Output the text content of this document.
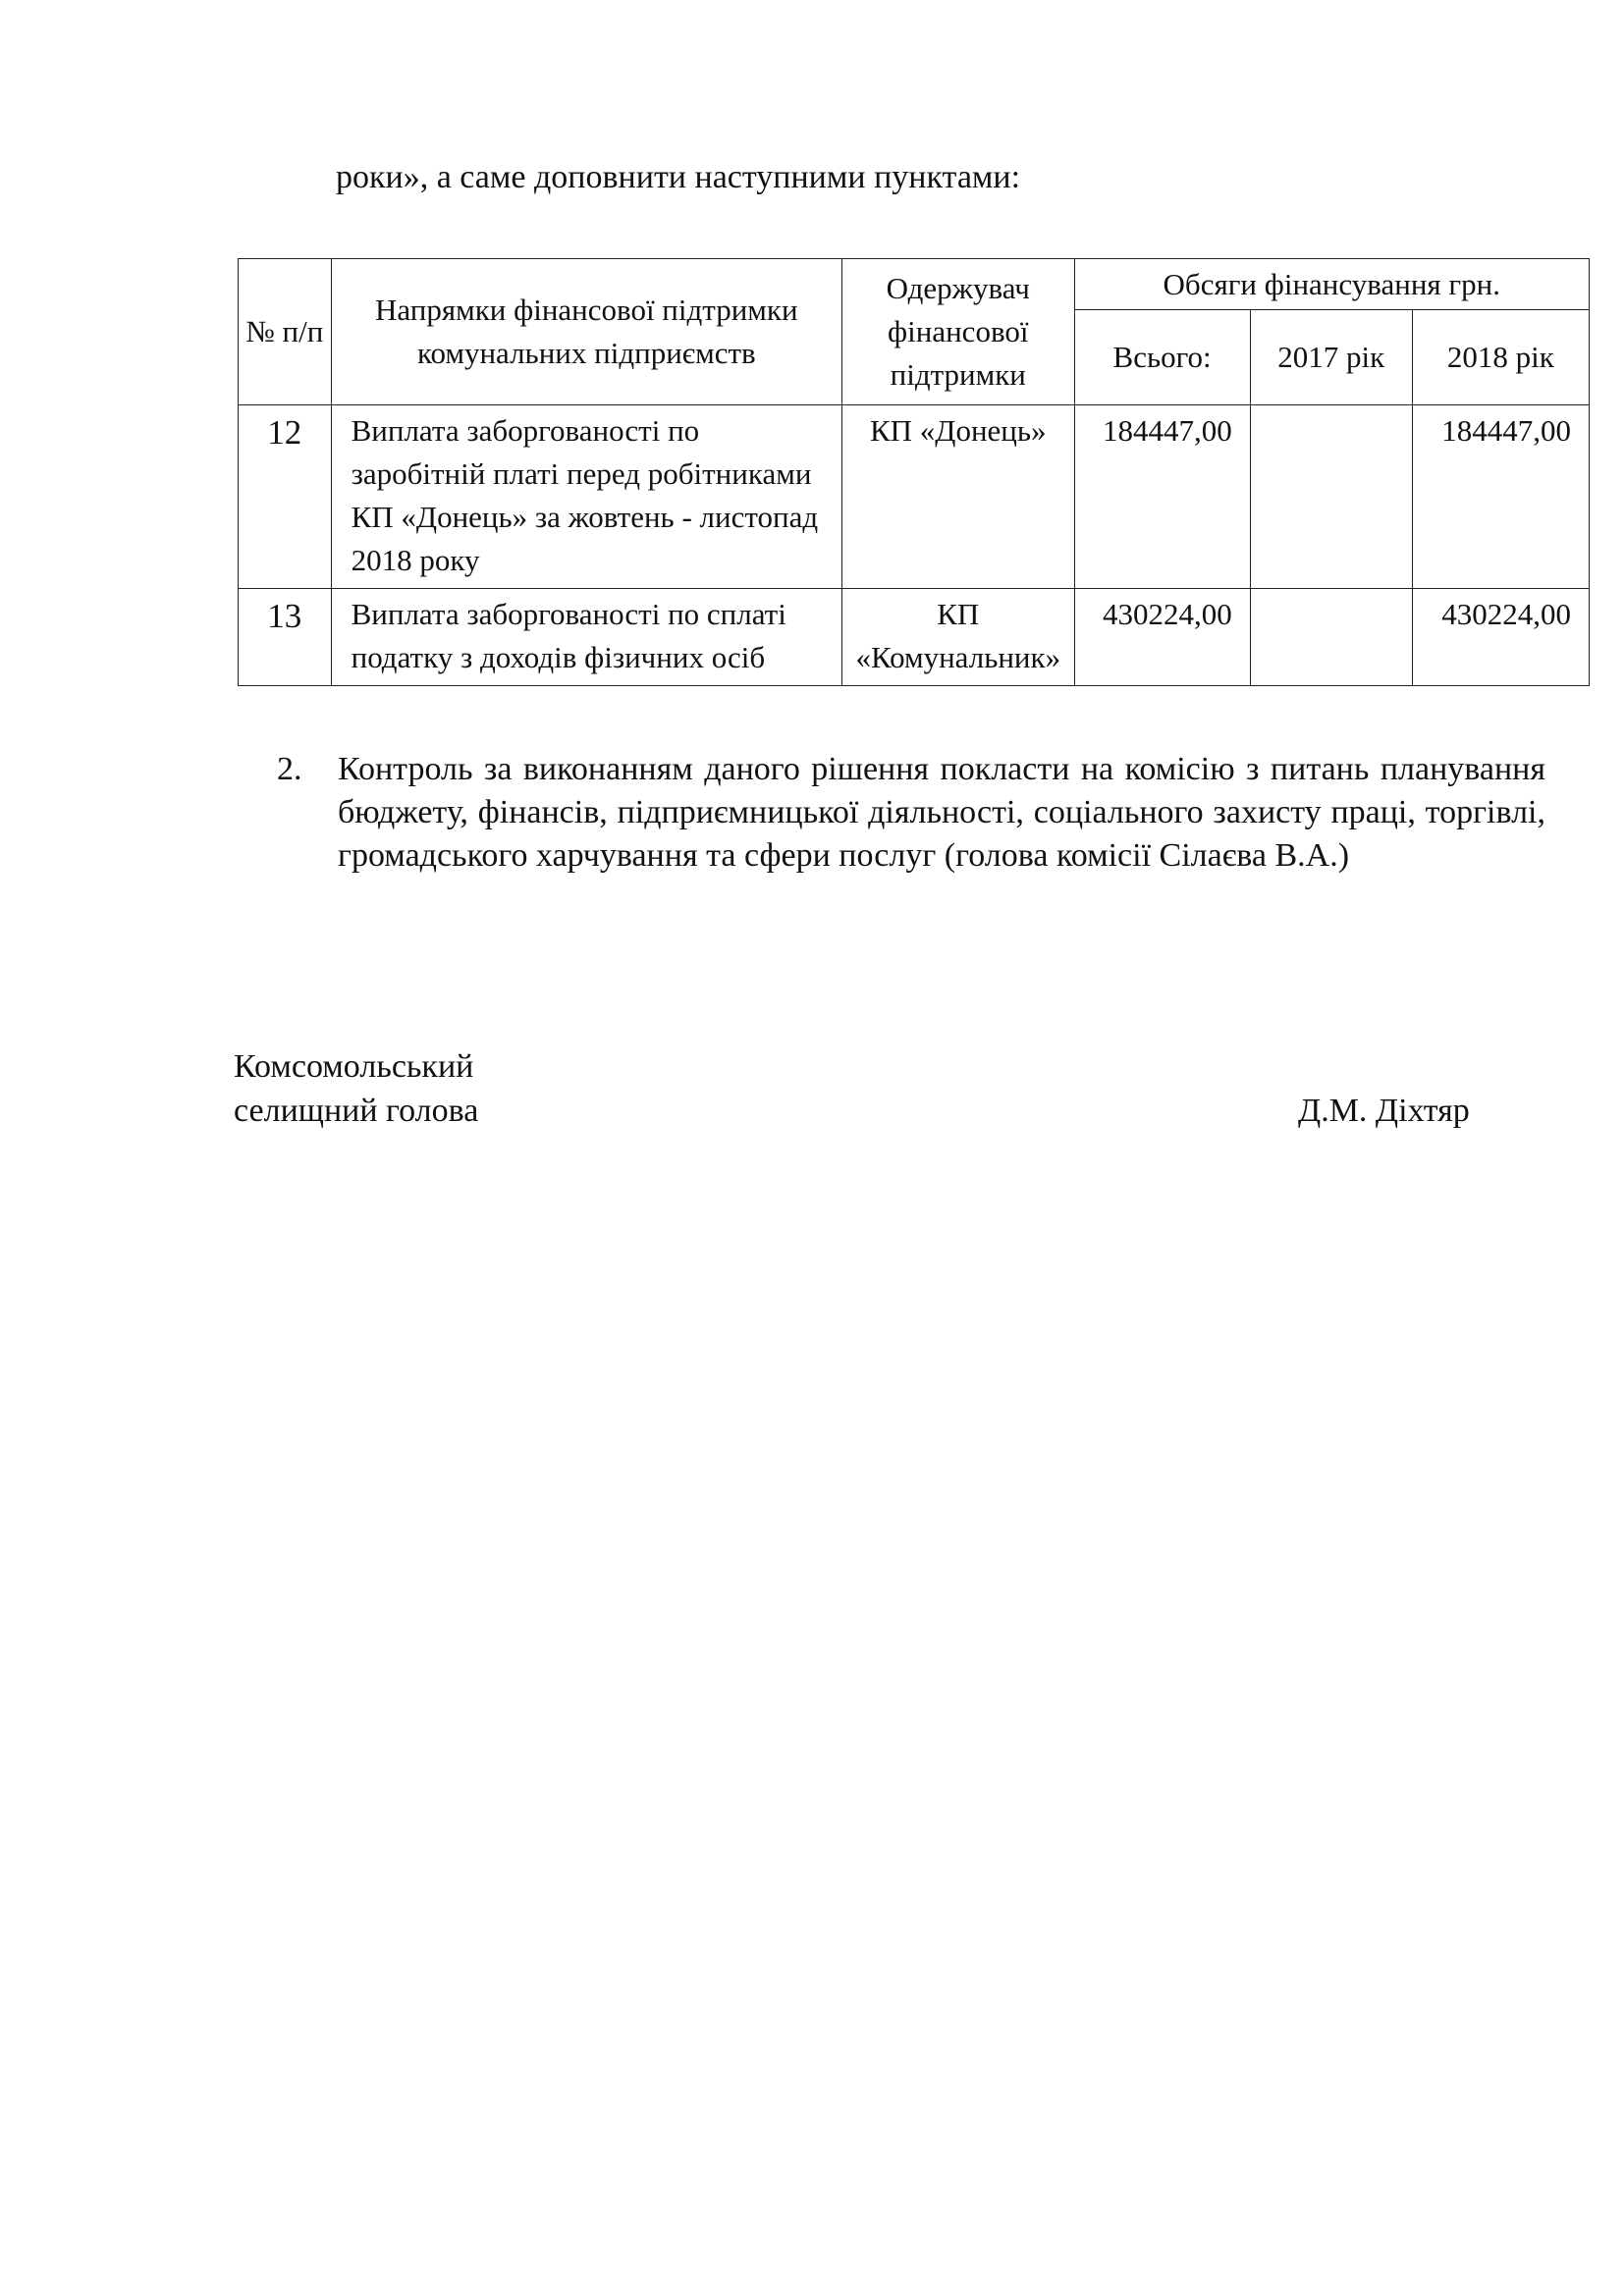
роки», а саме доповнити наступними пунктами:
№ п/п	Напрямки фінансової підтримки комунальних підприємств	Одержувач фінансової підтримки	Обсяги фінансування грн.		
			Всього:	2017 рік	2018 рік
12	Виплата заборгованості по заробітній платі перед робітниками КП «Донець» за жовтень - листопад 2018 року	КП «Донець»	184447,00		184447,00
13	Виплата заборгованості по сплаті податку з доходів фізичних осіб	КП «Комунальник»	430224,00		430224,00
2. Контроль за виконанням даного рішення покласти на комісію з питань планування бюджету, фінансів, підприємницької діяльності, соціального захисту праці, торгівлі, громадського харчування та сфери послуг (голова комісії Сілаєва В.А.)
Комсомольський
селищний голова	Д.М. Діхтяр
